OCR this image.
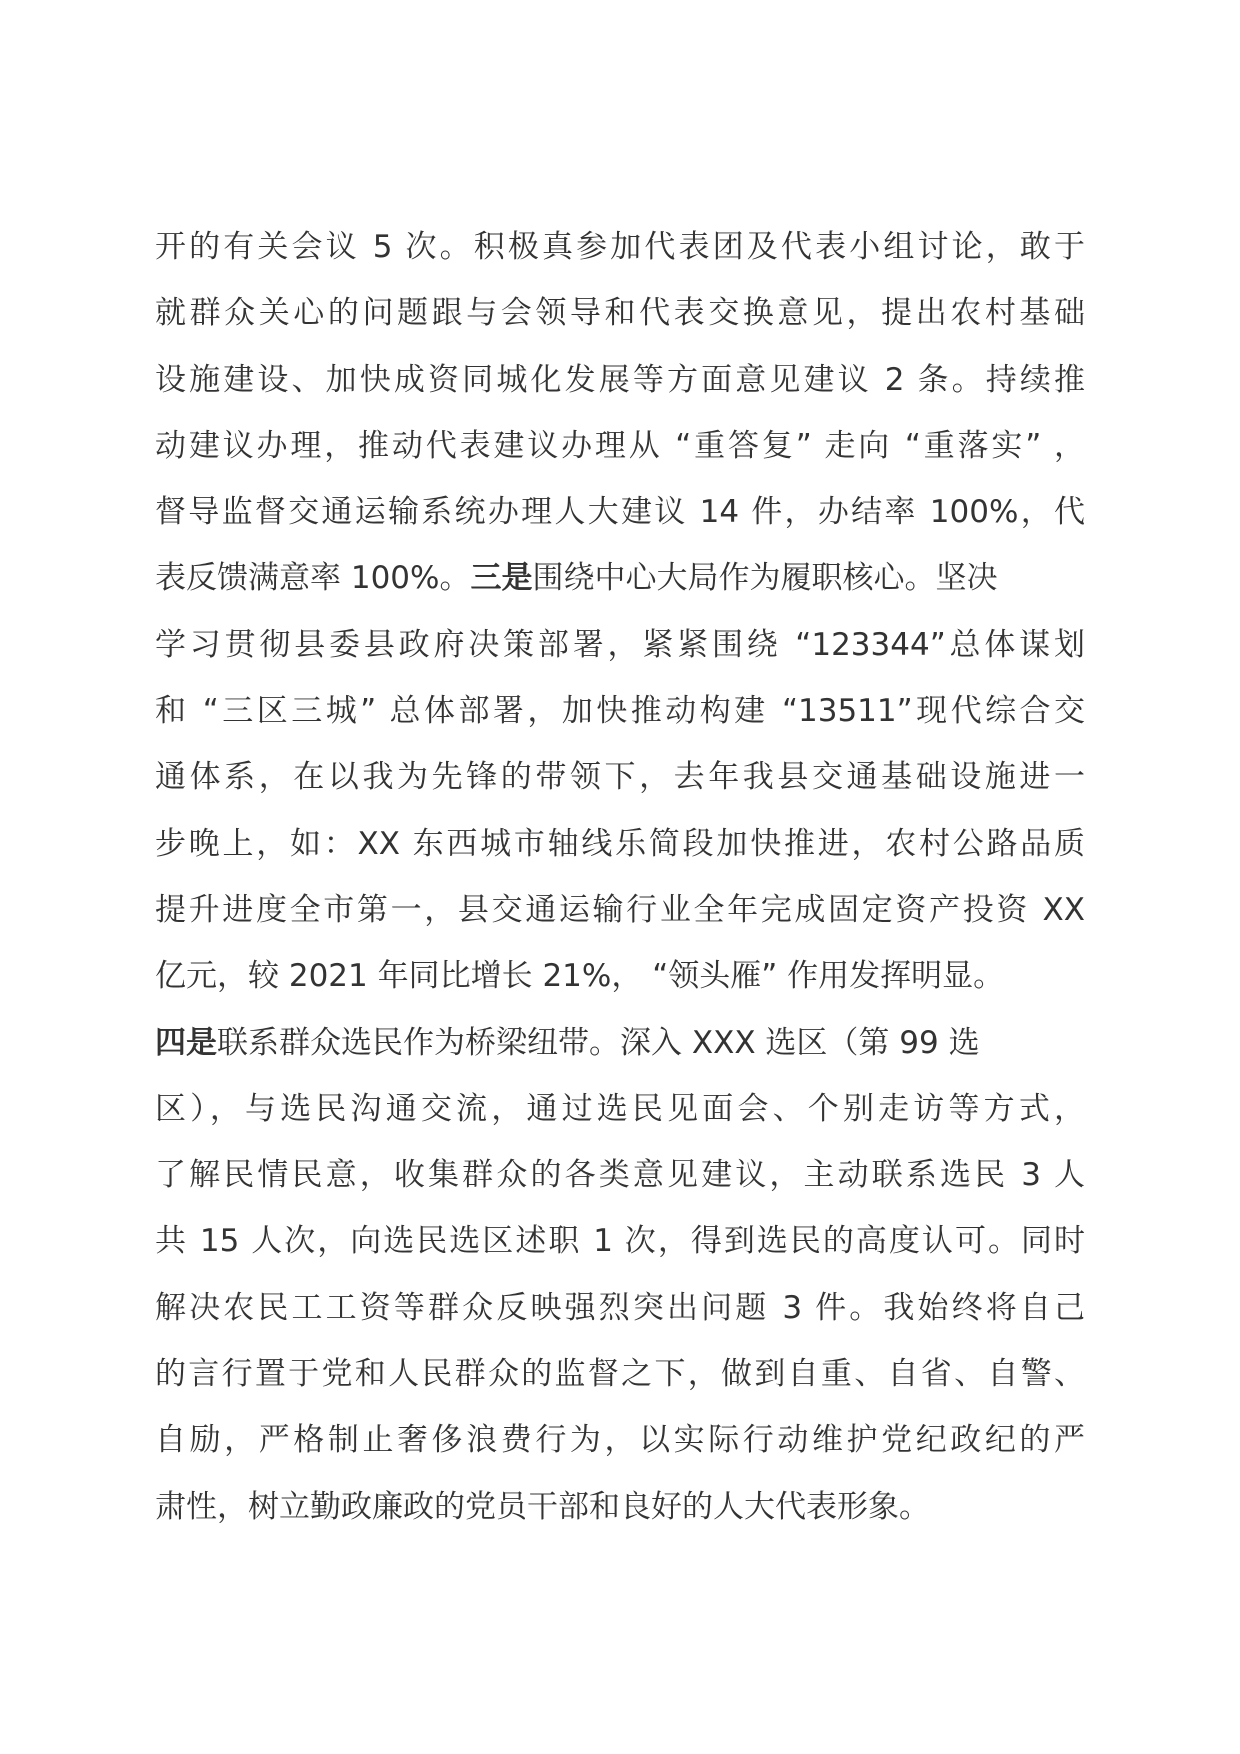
开的有关会议 5 次。积极真参加代表团及代表小组讨论，敢于
就群众关心的问题跟与会领导和代表交换意见，提出农村基础
设施建设、加快成资同城化发展等方面意见建议 2 条。持续推
动建议办理，推动代表建议办理从 “重答复” 走向 “重落实” ，
督导监督交通运输系统办理人大建议 14 件，办结率 100%，代
表反馈满意率 100%。三是围绕中心大局作为履职核心。坚决
学习贯彻县委县政府决策部署，紧紧围绕 “123344”总体谋划
和 “三区三城” 总体部署，加快推动构建 “13511”现代综合交
通体系，在以我为先锋的带领下，去年我县交通基础设施进一
步晚上，如：XX 东西城市轴线乐简段加快推进，农村公路品质
提升进度全市第一，县交通运输行业全年完成固定资产投资 XX
亿元，较 2021 年同比增长 21%， “领头雁” 作用发挥明显。
四是联系群众选民作为桥梁纽带。深入 XXX 选区（第 99 选
区），与选民沟通交流，通过选民见面会、个别走访等方式，
了解民情民意，收集群众的各类意见建议，主动联系选民 3 人
共 15 人次，向选民选区述职 1 次，得到选民的高度认可。同时
解决农民工工资等群众反映强烈突出问题 3 件。我始终将自己
的言行置于党和人民群众的监督之下，做到自重、自省、自警、
自励，严格制止奢侈浪费行为，以实际行动维护党纪政纪的严
肃性，树立勤政廉政的党员干部和良好的人大代表形象。
